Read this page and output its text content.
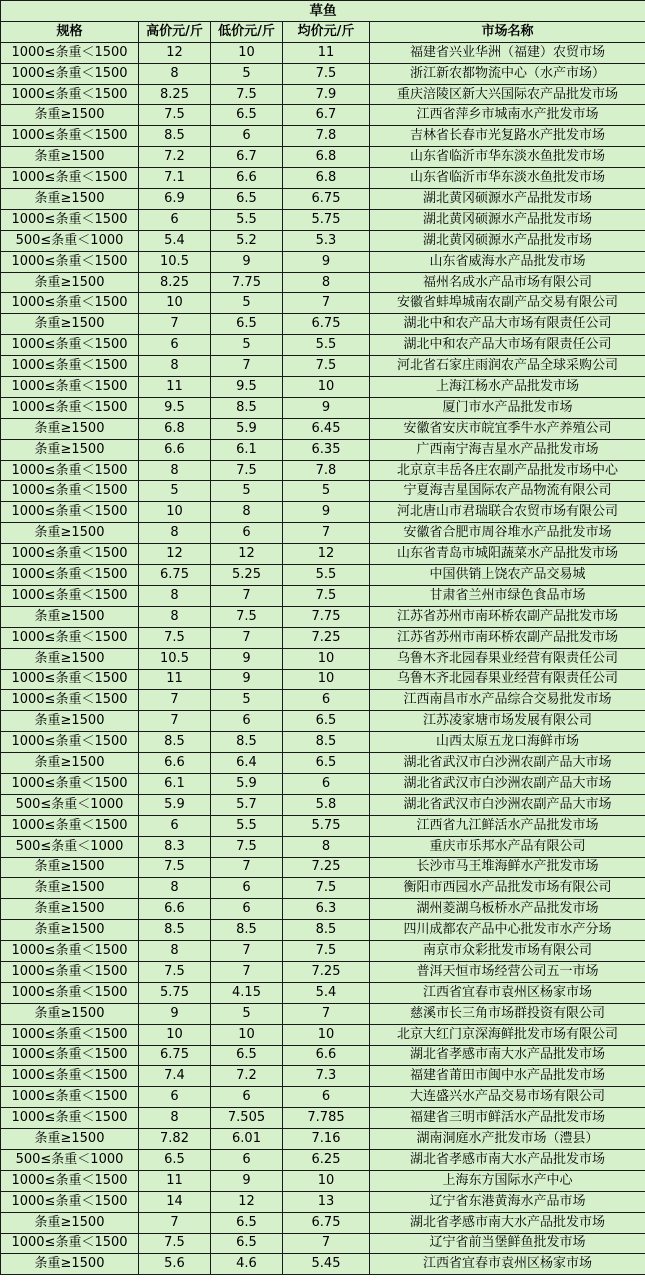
草鱼				
规格	高价元/斤	低价元/斤	均价元/斤	市场名称
1000≤条重＜1500	12	10	11	福建省兴业华洲（福建）农贸市场
1000≤条重＜1500	8	5	7.5	浙江新农都物流中心（水产市场）
1000≤条重＜1500	8.25	7.5	7.9	重庆涪陵区新大兴国际农产品批发市场
条重≥1500	7.5	6.5	6.7	江西省萍乡市城南水产批发市场
1000≤条重＜1500	8.5	6	7.8	吉林省长春市光复路水产批发市场
条重≥1500	7.2	6.7	6.8	山东省临沂市华东淡水鱼批发市场
1000≤条重＜1500	7.1	6.6	6.8	山东省临沂市华东淡水鱼批发市场
条重≥1500	6.9	6.5	6.75	湖北黄冈硕源水产品批发市场
1000≤条重＜1500	6	5.5	5.75	湖北黄冈硕源水产品批发市场
500≤条重＜1000	5.4	5.2	5.3	湖北黄冈硕源水产品批发市场
1000≤条重＜1500	10.5	9	9	山东省威海水产品批发市场
条重≥1500	8.25	7.75	8	福州名成水产品市场有限公司
1000≤条重＜1500	10	5	7	安徽省蚌埠城南农副产品交易有限公司
条重≥1500	7	6.5	6.75	湖北中和农产品大市场有限责任公司
1000≤条重＜1500	6	5	5.5	湖北中和农产品大市场有限责任公司
1000≤条重＜1500	8	7	7.5	河北省石家庄雨润农产品全球采购公司
1000≤条重＜1500	11	9.5	10	上海江杨水产品批发市场
1000≤条重＜1500	9.5	8.5	9	厦门市水产品批发市场
条重≥1500	6.8	5.9	6.45	安徽省安庆市皖宜季牛水产养殖公司
条重≥1500	6.6	6.1	6.35	广西南宁海吉星水产品批发市场
1000≤条重＜1500	8	7.5	7.8	北京京丰岳各庄农副产品批发市场中心
1000≤条重＜1500	5	5	5	宁夏海吉星国际农产品物流有限公司
1000≤条重＜1500	10	8	9	河北唐山市君瑞联合农贸市场有限公司
条重≥1500	8	6	7	安徽省合肥市周谷堆水产品批发市场
1000≤条重＜1500	12	12	12	山东省青岛市城阳蔬菜水产品批发市场
1000≤条重＜1500	6.75	5.25	5.5	中国供销上饶农产品交易城
1000≤条重＜1500	8	7	7.5	甘肃省兰州市绿色食品市场
条重≥1500	8	7.5	7.75	江苏省苏州市南环桥农副产品批发市场
1000≤条重＜1500	7.5	7	7.25	江苏省苏州市南环桥农副产品批发市场
条重≥1500	10.5	9	10	乌鲁木齐北园春果业经营有限责任公司
1000≤条重＜1500	11	9	10	乌鲁木齐北园春果业经营有限责任公司
1000≤条重＜1500	7	5	6	江西南昌市水产品综合交易批发市场
条重≥1500	7	6	6.5	江苏凌家塘市场发展有限公司
1000≤条重＜1500	8.5	8.5	8.5	山西太原五龙口海鲜市场
条重≥1500	6.6	6.4	6.5	湖北省武汉市白沙洲农副产品大市场
1000≤条重＜1500	6.1	5.9	6	湖北省武汉市白沙洲农副产品大市场
500≤条重＜1000	5.9	5.7	5.8	湖北省武汉市白沙洲农副产品大市场
1000≤条重＜1500	6	5.5	5.75	江西省九江鲜活水产品批发市场
500≤条重＜1000	8.3	7.5	8	重庆市乐邦水产品有限公司
条重≥1500	7.5	7	7.25	长沙市马王堆海鲜水产批发市场
条重≥1500	8	6	7.5	衡阳市西园水产品批发市场有限公司
条重≥1500	6.6	6	6.3	湖州菱湖乌板桥水产品批发市场
条重≥1500	8.5	8.5	8.5	四川成都农产品中心批发市水产分场
1000≤条重＜1500	8	7	7.5	南京市众彩批发市场有限公司
1000≤条重＜1500	7.5	7	7.25	普洱天恒市场经营公司五一市场
1000≤条重＜1500	5.75	4.15	5.4	江西省宜春市袁州区杨家市场
条重≥1500	9	5	7	慈溪市长三角市场群投资有限公司
1000≤条重＜1500	10	10	10	北京大红门京深海鲜批发市场有限公司
1000≤条重＜1500	6.75	6.5	6.6	湖北省孝感市南大水产品批发市场
1000≤条重＜1500	7.4	7.2	7.3	福建省莆田市闽中水产品批发市场
1000≤条重＜1500	6	6	6	大连盛兴水产品交易市场有限公司
1000≤条重＜1500	8	7.505	7.785	福建省三明市鲜活水产品批发市场
条重≥1500	7.82	6.01	7.16	湖南洞庭水产批发市场（澧县）
500≤条重＜1000	6.5	6	6.25	湖北省孝感市南大水产品批发市场
1000≤条重＜1500	11	9	10	上海东方国际水产中心
1000≤条重＜1500	14	12	13	辽宁省东港黄海水产品市场
条重≥1500	7	6.5	6.75	湖北省孝感市南大水产品批发市场
1000≤条重＜1500	7.5	6.5	7	辽宁省前当堡鲜鱼批发市场
条重≥1500	5.6	4.6	5.45	江西省宜春市袁州区杨家市场
